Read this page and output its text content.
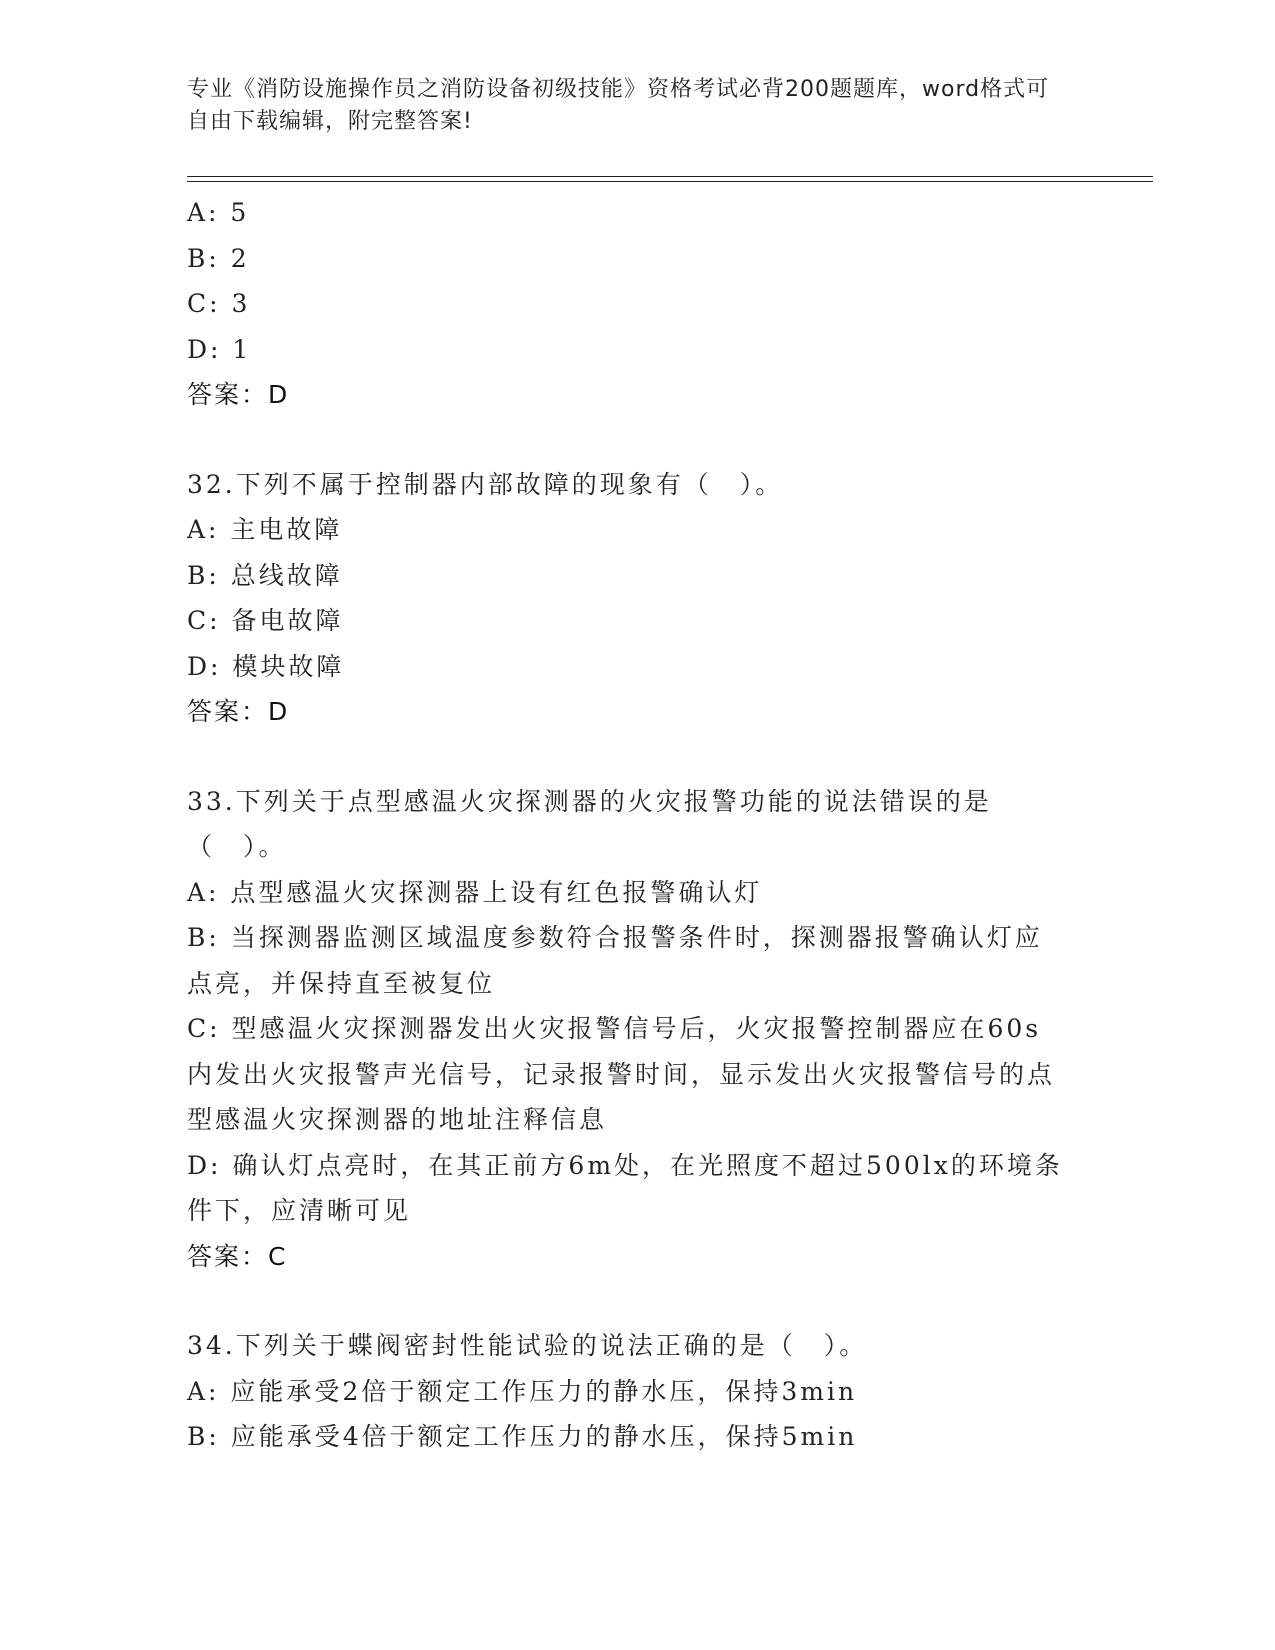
专业《消防设施操作员之消防设备初级技能》资格考试必背200题题库，word格式可自由下载编辑，附完整答案!
A: 5
B: 2
C: 3
D: 1
答案：D
32.下列不属于控制器内部故障的现象有（　）。
A: 主电故障
B: 总线故障
C: 备电故障
D: 模块故障
答案：D
33.下列关于点型感温火灾探测器的火灾报警功能的说法错误的是（　）。
A: 点型感温火灾探测器上设有红色报警确认灯
B: 当探测器监测区域温度参数符合报警条件时，探测器报警确认灯应点亮，并保持直至被复位
C: 型感温火灾探测器发出火灾报警信号后，火灾报警控制器应在60s内发出火灾报警声光信号，记录报警时间，显示发出火灾报警信号的点型感温火灾探测器的地址注释信息
D: 确认灯点亮时，在其正前方6m处，在光照度不超过500lx的环境条件下，应清晰可见
答案：C
34.下列关于蝶阀密封性能试验的说法正确的是（　）。
A: 应能承受2倍于额定工作压力的静水压，保持3min
B: 应能承受4倍于额定工作压力的静水压，保持5min
